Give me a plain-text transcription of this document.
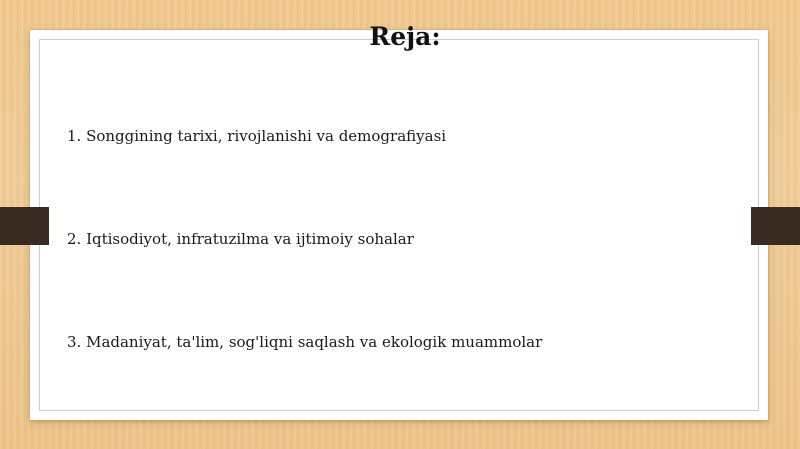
Reja:
1. Songgining tarixi, rivojlanishi va demografiyasi
2. Iqtisodiyot, infratuzilma va ijtimoiy sohalar
3. Madaniyat, ta'lim, sog'liqni saqlash va ekologik muammolar
